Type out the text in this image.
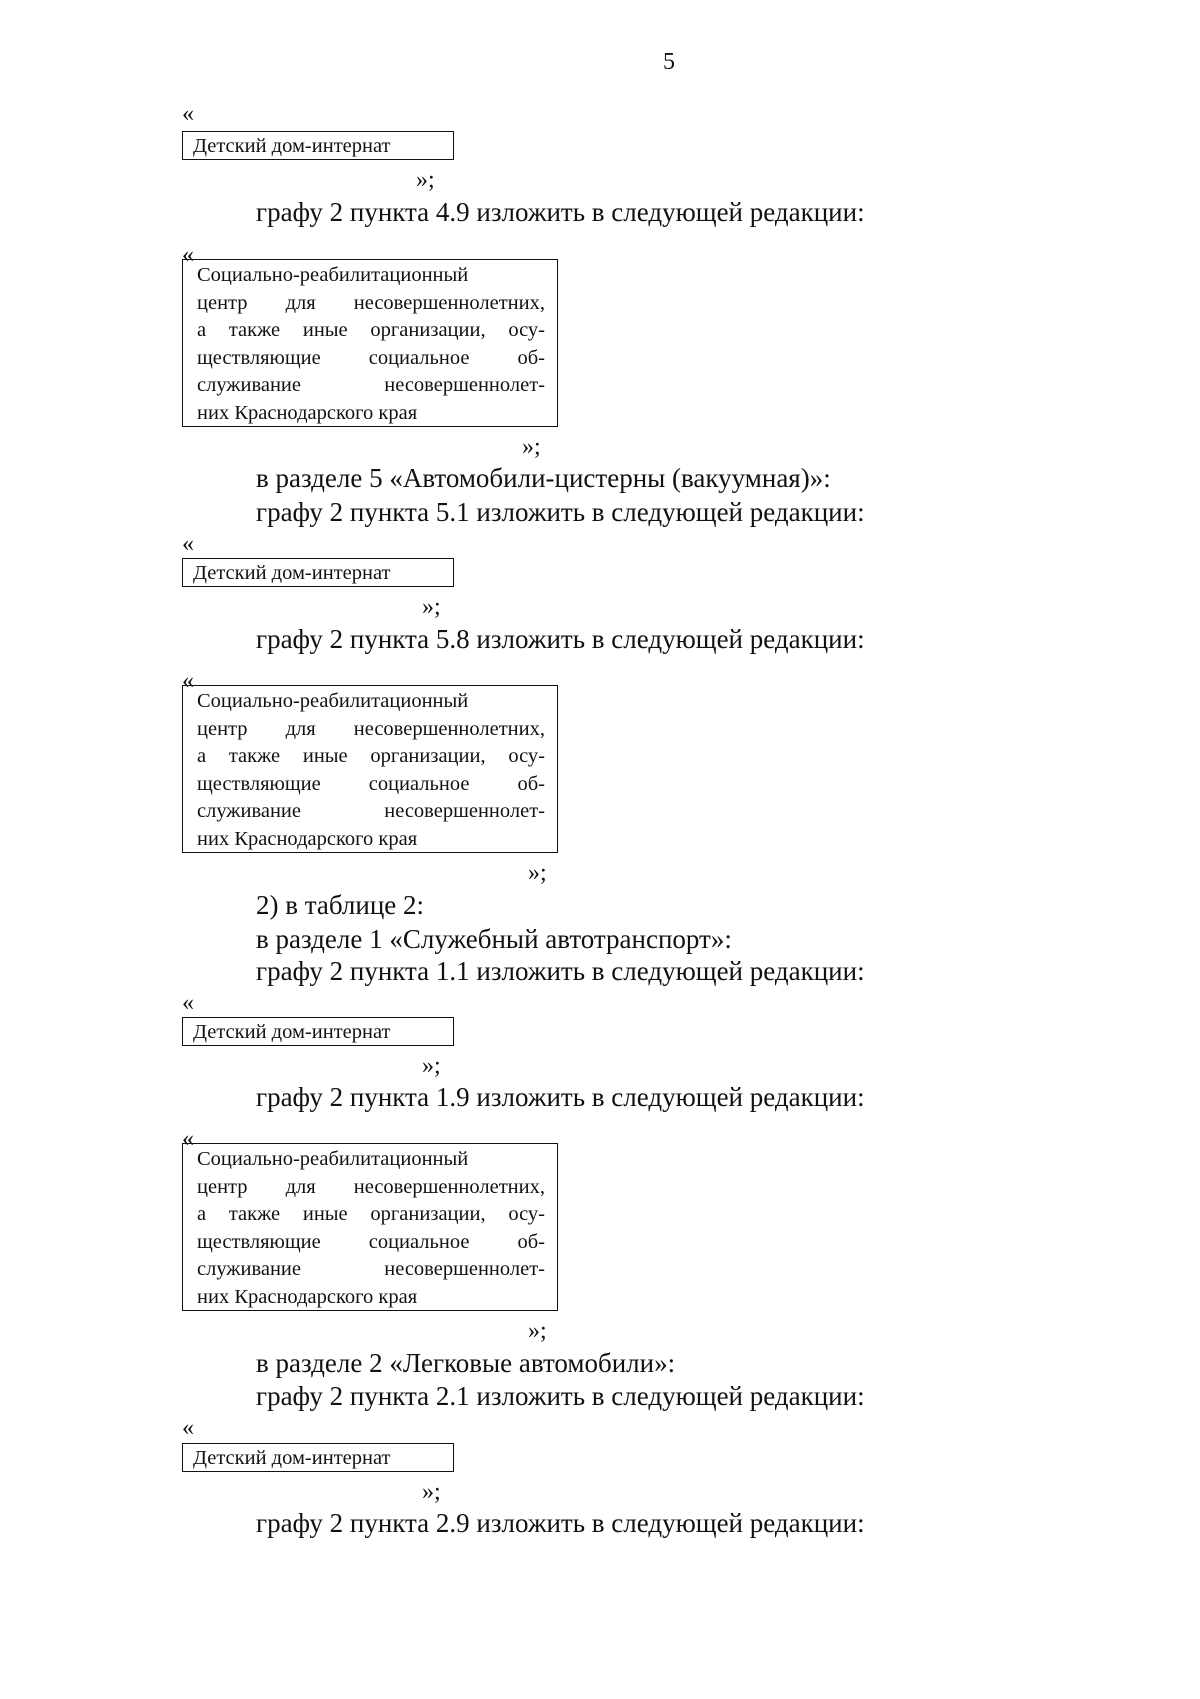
5
«
Детский дом-интернат
»;
графу 2 пункта 4.9 изложить в следующей редакции:
«
Социально-реабилитационный
центр для несовершеннолетних,
а также иные организации, осу-
ществляющие социальное об-
служивание несовершеннолет-
них Краснодарского края
»;
в разделе 5 «Автомобили-цистерны (вакуумная)»:
графу 2 пункта 5.1 изложить в следующей редакции:
«
Детский дом-интернат
»;
графу 2 пункта 5.8 изложить в следующей редакции:
«
Социально-реабилитационный
центр для несовершеннолетних,
а также иные организации, осу-
ществляющие социальное об-
служивание несовершеннолет-
них Краснодарского края
»;
2) в таблице 2:
в разделе 1 «Служебный автотранспорт»:
графу 2 пункта 1.1 изложить в следующей редакции:
«
Детский дом-интернат
»;
графу 2 пункта 1.9 изложить в следующей редакции:
«
Социально-реабилитационный
центр для несовершеннолетних,
а также иные организации, осу-
ществляющие социальное об-
служивание несовершеннолет-
них Краснодарского края
»;
в разделе 2 «Легковые автомобили»:
графу 2 пункта 2.1 изложить в следующей редакции:
«
Детский дом-интернат
»;
графу 2 пункта 2.9 изложить в следующей редакции:
